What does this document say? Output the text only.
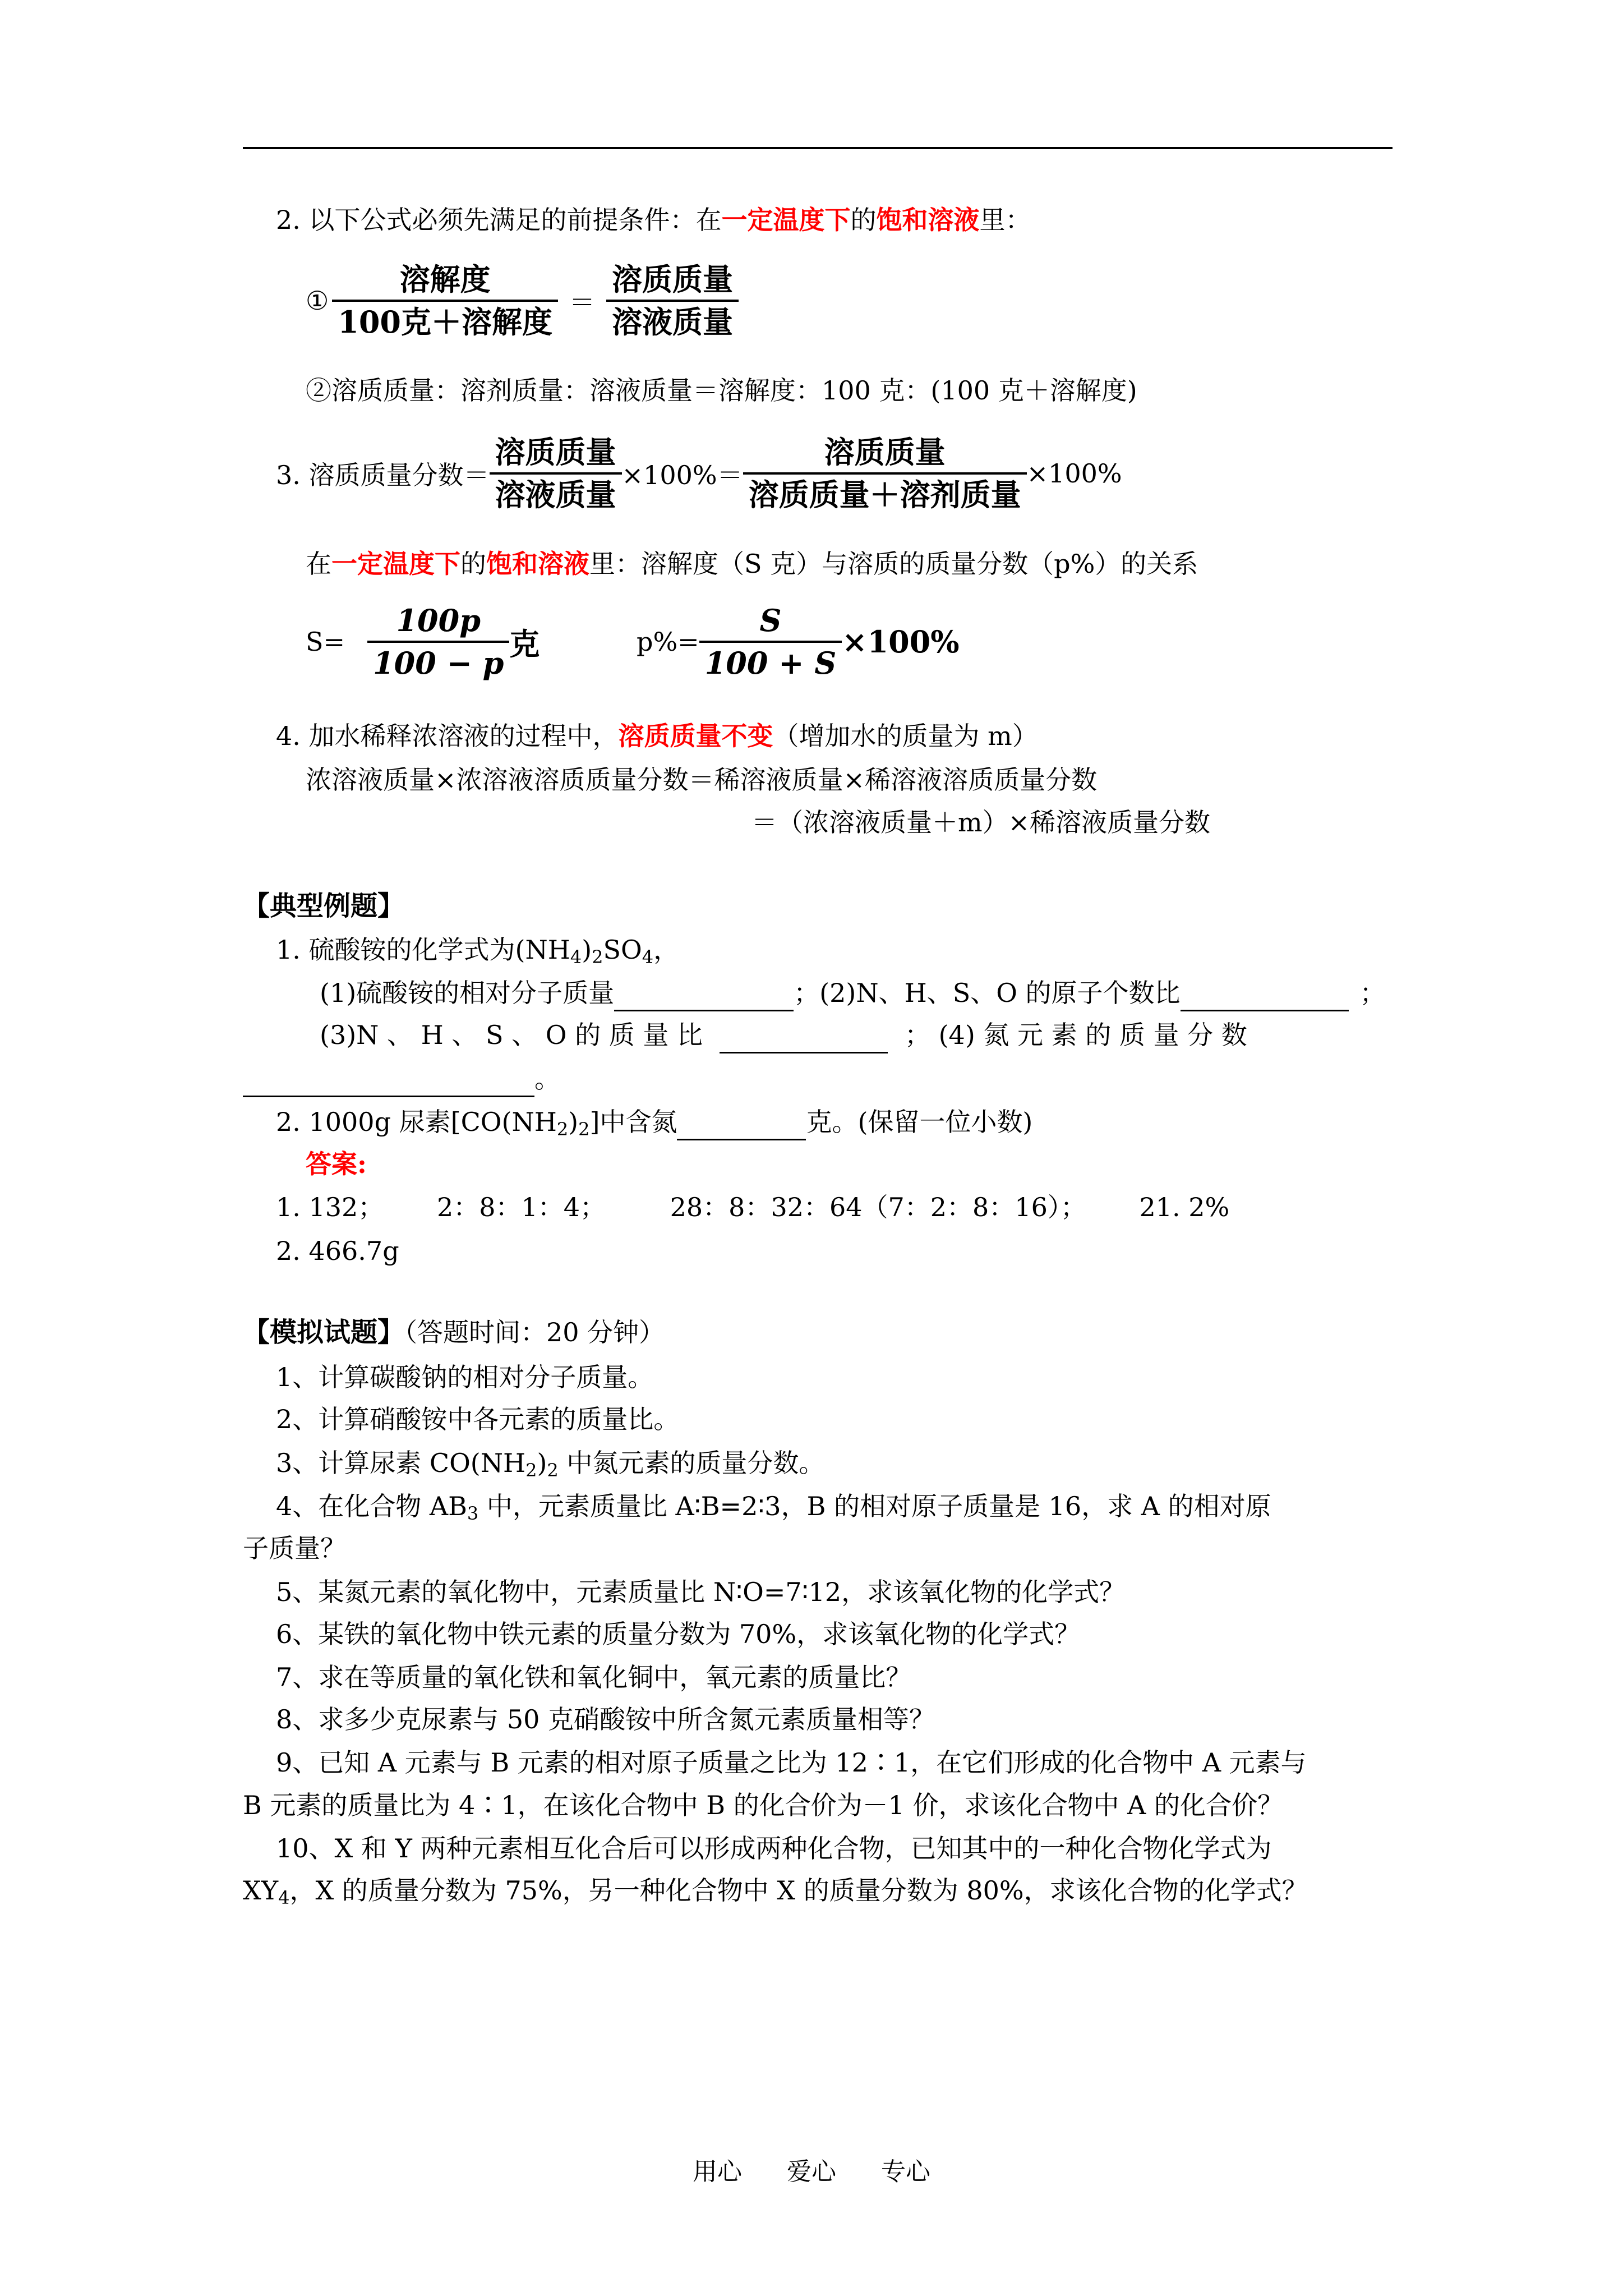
2. 以下公式必须先满足的前提条件：在一定温度下的饱和溶液里：
① $\frac{\text{溶解度}}{\text{100克＋溶解度}} = \frac{\text{溶质质量}}{\text{溶液质量}}$
②溶质质量：溶剂质量：溶液质量＝溶解度：100 克：(100 克＋溶解度)
3. 溶质质量分数＝ $\frac{\text{溶质质量}}{\text{溶液质量}} \times 100\%= \frac{\text{溶质质量}}{\text{溶质质量＋溶剂质量}} \times 100\%$
在一定温度下的饱和溶液里：溶解度（S 克）与溶质的质量分数（p%）的关系
$S= \frac{100p}{100 - p}$ 克	$p\%= \frac{S}{100 + S} \times 100\%$
4. 加水稀释浓溶液的过程中，溶质质量不变（增加水的质量为 m）
浓溶液质量×浓溶液溶质质量分数＝稀溶液质量×稀溶液溶质质量分数
＝（浓溶液质量＋m）×稀溶液质量分数
【典型例题】
1. 硫酸铵的化学式为$(NH_4)_2SO_4$，
(1)硫酸铵的相对分子质量	；(2)N、H、S、O 的原子个数比	；
(3)N 、 H 、 S 、 O 的 质 量 比	； (4) 氮 元 素 的 质 量 分 数
。
2. 1000g 尿素$[CO(NH_2)_2]$中含氮	克。(保留一位小数)
答案:
1. 132； 2：8：1：4； 28：8：32：64（7：2：8：16）； 21. 2%
2. 466.7g
【模拟试题】（答题时间：20 分钟）
1、计算碳酸钠的相对分子质量。
2、计算硝酸铵中各元素的质量比。
3、计算尿素 $CO(NH_2)_2$ 中氮元素的质量分数。
4、在化合物 $AB_3$ 中，元素质量比 A∶B=2∶3，B 的相对原子质量是 16，求 A 的相对原
子质量？
5、某氮元素的氧化物中，元素质量比 N∶O=7∶12，求该氧化物的化学式？
6、某铁的氧化物中铁元素的质量分数为 70%，求该氧化物的化学式？
7、求在等质量的氧化铁和氧化铜中，氧元素的质量比？
8、求多少克尿素与 50 克硝酸铵中所含氮元素质量相等？
9、已知 A 元素与 B 元素的相对原子质量之比为 12∶1，在它们形成的化合物中 A 元素与
B 元素的质量比为 4∶1，在该化合物中 B 的化合价为－1 价，求该化合物中 A 的化合价？
10、X 和 Y 两种元素相互化合后可以形成两种化合物，已知其中的一种化合物化学式为
$XY_4$，X 的质量分数为 75%，另一种化合物中 X 的质量分数为 80%，求该化合物的化学式？
用心 爱心 专心
